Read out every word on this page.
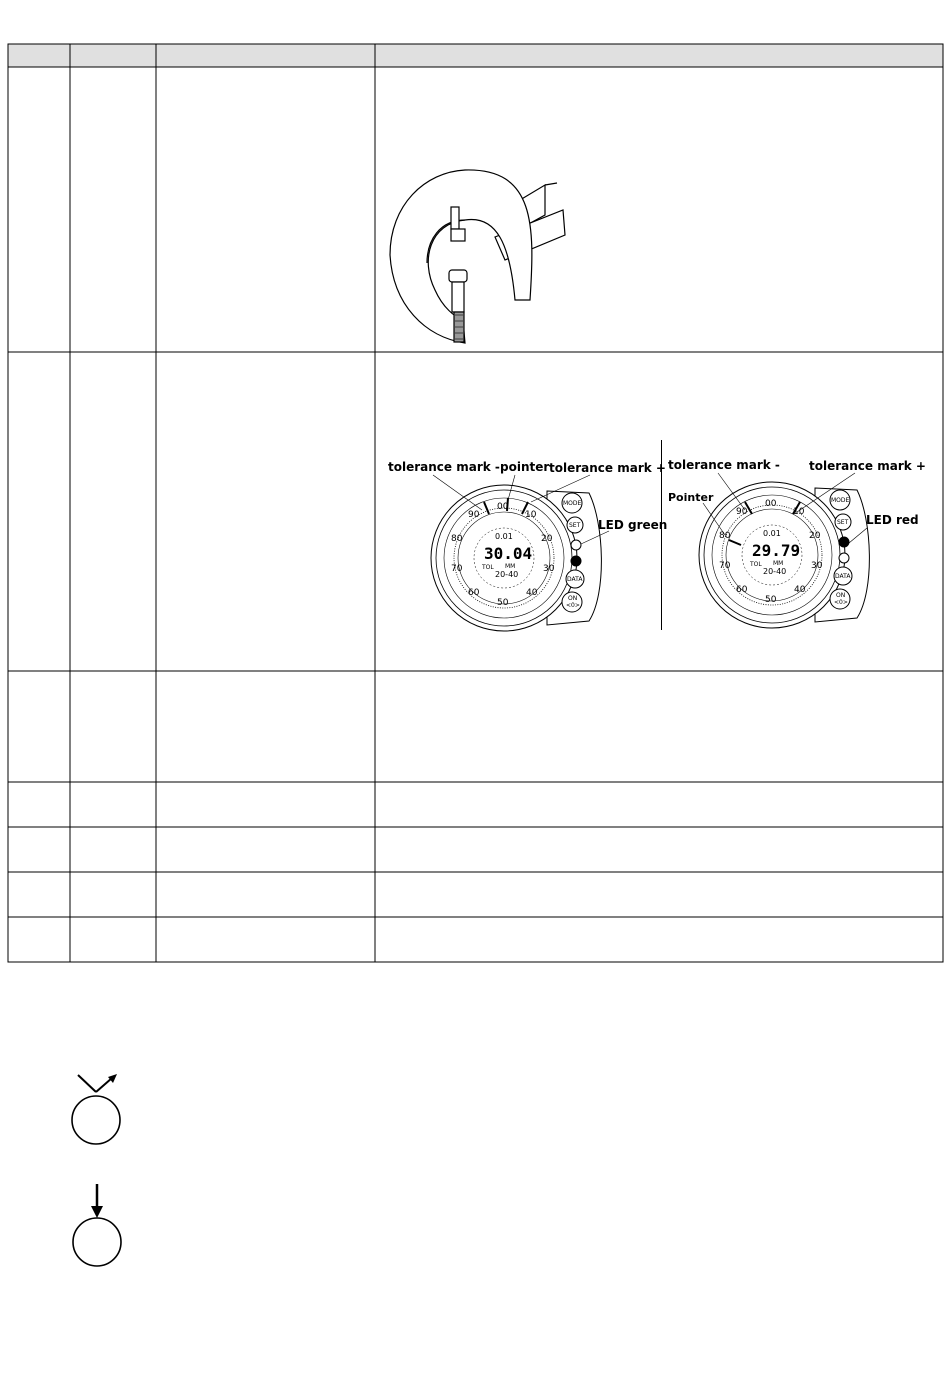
tolerance mark - pointer tolerance mark +
LED green
00
10
20
30
40
50
60
70
80
90
0.01
30.04
TOL MM
20-40
MODE
SET
DATA
ON
<0>
tolerance mark - tolerance mark +
Pointer
LED red
00
10
20
30
40
50
60
70
80
90
0.01
29.79
TOL MM
20-40
MODE
SET
DATA
ON
<0>
